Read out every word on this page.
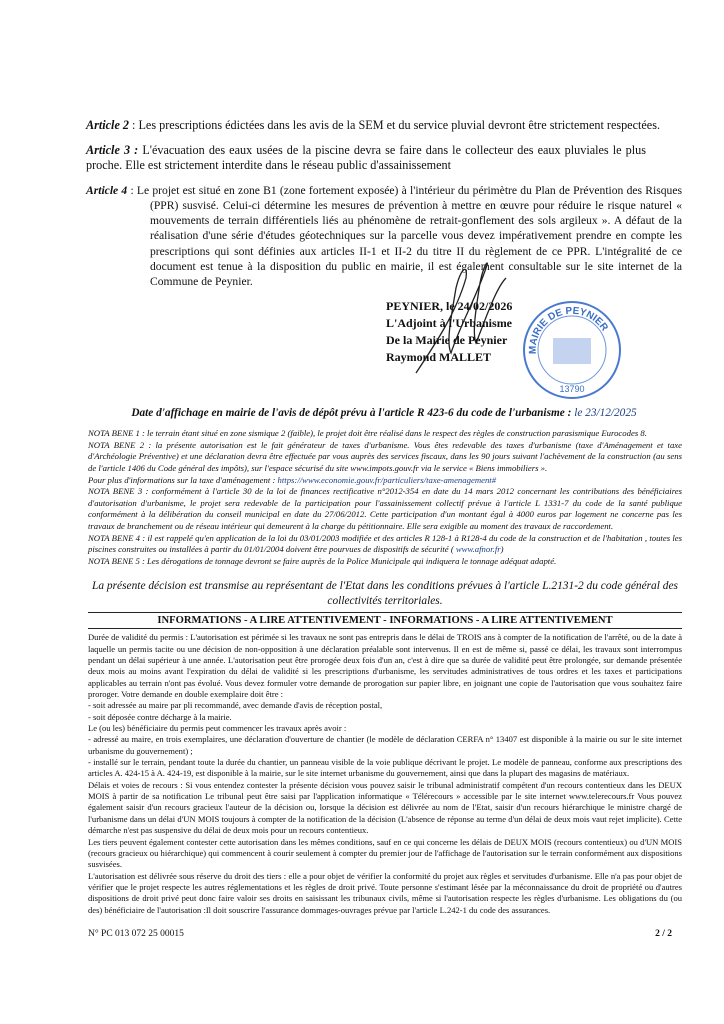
Article 2 : Les prescriptions édictées dans les avis de la SEM et du service pluvial devront être strictement respectées.
Article 3 : L'évacuation des eaux usées de la piscine devra se faire dans le collecteur des eaux pluviales le plus proche. Elle est strictement interdite dans le réseau public d'assainissement
Article 4 : Le projet est situé en zone B1 (zone fortement exposée) à l'intérieur du périmètre du Plan de Prévention des Risques (PPR) susvisé. Celui-ci détermine les mesures de prévention à mettre en œuvre pour réduire le risque naturel « mouvements de terrain différentiels liés au phénomène de retrait-gonflement des sols argileux ». A défaut de la réalisation d'une série d'études géotechniques sur la parcelle vous devez impérativement prendre en compte les prescriptions qui sont définies aux articles II-1 et II-2 du titre II du règlement de ce PPR. L'intégralité de ce document est tenue à la disposition du public en mairie, il est également consultable sur le site internet de la Commune de Peynier.
PEYNIER, le 24/02/2026
L'Adjoint à l'Urbanisme
De la Mairie de Peynier
Raymond MALLET
MAIRIE DE PEYNIER
13790
Date d'affichage en mairie de l'avis de dépôt prévu à l'article R 423-6 du code de l'urbanisme : le 23/12/2025

NOTA BENE 1 : le terrain étant situé en zone sismique 2 (faible), le projet doit être réalisé dans le respect des règles de construction parasismique Eurocodes 8.

NOTA BENE 2 : la présente autorisation est le fait générateur de taxes d'urbanisme. Vous êtes redevable des taxes d'urbanisme (taxe d'Aménagement et taxe d'Archéologie Préventive) et une déclaration devra être effectuée par vous auprès des services fiscaux, dans les 90 jours suivant l'achèvement de la construction (au sens de l'article 1406 du Code général des impôts), sur l'espace sécurisé du site www.impots.gouv.fr via le service « Biens immobiliers ».

Pour plus d'informations sur la taxe d'aménagement : https://www.economie.gouv.fr/particuliers/taxe-amenagement#

NOTA BENE 3 : conformément à l'article 30 de la loi de finances rectificative n°2012-354 en date du 14 mars 2012 concernant les contributions des bénéficiaires d'autorisation d'urbanisme, le projet sera redevable de la participation pour l'assainissement collectif prévue à l'article L 1331-7 du code de la santé publique conformément à la délibération du conseil municipal en date du 27/06/2012. Cette participation d'un montant égal à 4000 euros par logement ne concerne pas les travaux de branchement ou de réseau intérieur qui demeurent à la charge du pétitionnaire. Elle sera exigible au moment des travaux de raccordement.

NOTA BENE 4 : il est rappelé qu'en application de la loi du 03/01/2003 modifiée et des articles R 128-1 à R128-4 du code de la construction et de l'habitation , toutes les piscines construites ou installées à partir du 01/01/2004 doivent être pourvues de dispositifs de sécurité ( www.afnor.fr)

NOTA BENE 5 : Les dérogations de tonnage devront se faire auprès de la Police Municipale qui indiquera le tonnage adéquat adapté.

La présente décision est transmise au représentant de l'Etat dans les conditions prévues à l'article L.2131-2 du code général des collectivités territoriales.
INFORMATIONS - A LIRE ATTENTIVEMENT - INFORMATIONS - A LIRE ATTENTIVEMENT

Durée de validité du permis : L'autorisation est périmée si les travaux ne sont pas entrepris dans le délai de TROIS ans à compter de la notification de l'arrêté, ou de la date à laquelle un permis tacite ou une décision de non-opposition à une déclaration préalable sont intervenus. Il en est de même si, passé ce délai, les travaux sont interrompus pendant un délai supérieur à une année. L'autorisation peut être prorogée deux fois d'un an, c'est à dire que sa durée de validité peut être prolongée, sur demande présentée deux mois au moins avant l'expiration du délai de validité si les prescriptions d'urbanisme, les servitudes administratives de tous ordres et les taxes et participations applicables au terrain n'ont pas évolué. Vous devez formuler votre demande de prorogation sur papier libre, en joignant une copie de l'autorisation que vous souhaitez faire proroger. Votre demande en double exemplaire doit être :

- soit adressée au maire par pli recommandé, avec demande d'avis de réception postal,

- soit déposée contre décharge à la mairie.

Le (ou les) bénéficiaire du permis peut commencer les travaux après avoir :

- adressé au maire, en trois exemplaires, une déclaration d'ouverture de chantier (le modèle de déclaration CERFA n° 13407 est disponible à la mairie ou sur le site internet urbanisme du gouvernement) ;

- installé sur le terrain, pendant toute la durée du chantier, un panneau visible de la voie publique décrivant le projet. Le modèle de panneau, conforme aux prescriptions des articles A. 424-15 à A. 424-19, est disponible à la mairie, sur le site internet urbanisme du gouvernement, ainsi que dans la plupart des magasins de matériaux.

Délais et voies de recours : Si vous entendez contester la présente décision vous pouvez saisir le tribunal administratif compétent d'un recours contentieux dans les DEUX MOIS à partir de sa notification Le tribunal peut être saisi par l'application informatique « Télérecours » accessible par le site internet www.telerecours.fr Vous pouvez également saisir d'un recours gracieux l'auteur de la décision ou, lorsque la décision est délivrée au nom de l'Etat, saisir d'un recours hiérarchique le ministre chargé de l'urbanisme dans un délai d'UN MOIS toujours à compter de la notification de la décision (L'absence de réponse au terme d'un délai de deux mois vaut rejet implicite). Cette démarche n'est pas suspensive du délai de deux mois pour un recours contentieux.

Les tiers peuvent également contester cette autorisation dans les mêmes conditions, sauf en ce qui concerne les délais de DEUX MOIS (recours contentieux) ou d'UN MOIS (recours gracieux ou hiérarchique) qui commencent à courir seulement à compter du premier jour de l'affichage de l'autorisation sur le terrain conformément aux dispositions susvisées.

L'autorisation est délivrée sous réserve du droit des tiers : elle a pour objet de vérifier la conformité du projet aux règles et servitudes d'urbanisme. Elle n'a pas pour objet de vérifier que le projet respecte les autres réglementations et les règles de droit privé. Toute personne s'estimant lésée par la méconnaissance du droit de propriété ou d'autres dispositions de droit privé peut donc faire valoir ses droits en saisissant les tribunaux civils, même si l'autorisation respecte les règles d'urbanisme. Les obligations du (ou des) bénéficiaire de l'autorisation :Il doit souscrire l'assurance dommages-ouvrages prévue par l'article L.242-1 du code des assurances.

N° PC 013 072 25 00015	2 / 2
